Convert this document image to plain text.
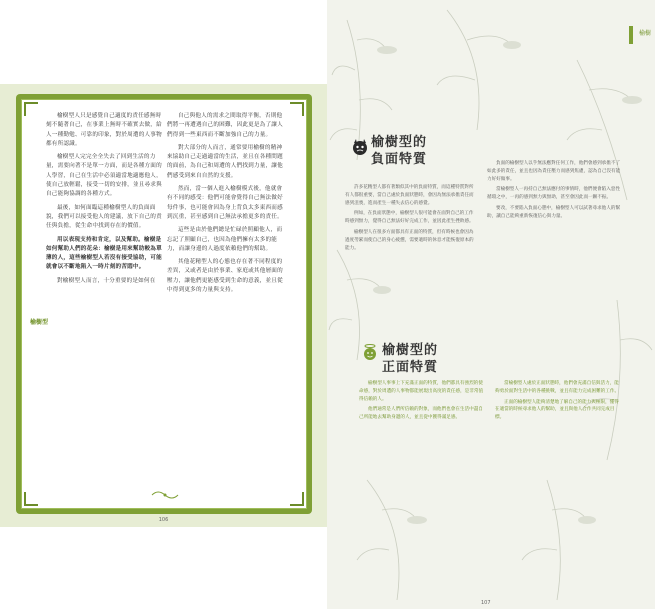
榆樹型

榆樹型人只是感覺自己適度的責任感無時刻不隨著自己，在事業上無時不確實去做，給人一種勤勉、可靠的印象，對於周遭的人事物都有所認識。

榆樹型人完完全全失去了回到生活的力量，需要向著不是單一方面，而是各種方面的人學習，自己在生活中必須適當地適應他人，使自己放輕鬆，接受一切的安排，並且尋求與自己能夠協調的各種方式。

最後，如何面臨這種榆樹型人的負面面貌，我們可以接受他人的建議，放下自己的責任與負擔，從生命中找到存在的價值。

用以表現支持和肯定，以及幫助。榆樹是如何幫助人們的花朵：榆樹是用來幫助較為單薄的人，這些榆樹型人若沒有接受協助，可能就會以不斷地陷入一時片刻的苦悶中。

對榆樹型人而言，十分重要的是如何在

自己與他人的需求之間取得平衡，否則他們將一再遭遇自己的困難，因此更是為了讓人們得到一些東西而不斷加強自己的力量。

對大部分的人而言，通常要用榆樹的精神來協助自己走過適當的生活，並且在各種問題的面前，為自己和周遭的人們找到力量，讓他們感受到來自自然的支援。

然而，當一個人進入榆樹模式後，他就會有不同的感受：他們可能會覺得自己無法做好每件事，也可能會因為身上背負太多東西而感到沉重，甚至感到自己無法承擔更多的責任。

這些是由於他們總是忙碌於照顧他人，而忘記了照顧自己，也因為他們擁有太多的能力，而讓身邊的人過度依賴他們的幫助。

其他花精型人的心態也存在著不同程度的差異，又或者是由於事業、家庭或其他層面的壓力，讓他們更能感受到生命的意義，並且從中得到更多的力量與支持。

106
榆樹
榆樹型的
負面特質

許多花精型人都有著類似其中的負面特質，而這種特質對所有人都很重要，當自己處於負面狀態時，會因為無法承擔責任而感到沮喪，進而產生一種失去信心的感覺。

例如，在負面狀態中，榆樹型人很可能會在面對自己的工作時感到無力，覺得自己無法好好完成工作，並因此產生挫敗感。

榆樹型人在很多方面都具有正面的特質，但有時候也會因為過度勞累而使自己的身心疲憊，需要適時的休息才能恢復原本的能力。

負面的榆樹型人以乎無法應對任何工作，他們會感到承擔不了如此多的責任，並且也因為責任壓力而感到焦慮，認為自己沒有能力好好做事。

當榆樹型人一再持自己無法應付的事情時，他們便會陷入惡性循環之中，一再的感到無力與無助，甚至會因此而一蹶不振。

要改，不要陷入負面心態中，榆樹型人可以試著尋求他人的幫助，讓自己能夠重新恢復信心與力量。

榆樹型的
正面特質

榆樹型人事事上下充滿正面的特質，他們都具有強烈的使命感，對於周遭的人事物都能展現出高度的責任感，是非常值得信賴的人。

他們通常是人們所信賴的對象，而他們也會在生活中盡自己所能地去幫助身邊的人，並且從中獲得滿足感。

當榆樹型人處於正面狀態時，他們會充滿自信與活力，能夠勇於面對生活中的各種挑戰，並且有能力完成困難的工作。

正面的榆樹型人能夠清楚地了解自己的能力與極限，懂得在適當的時候尋求他人的幫助，並且與他人合作共同完成目標。

107
